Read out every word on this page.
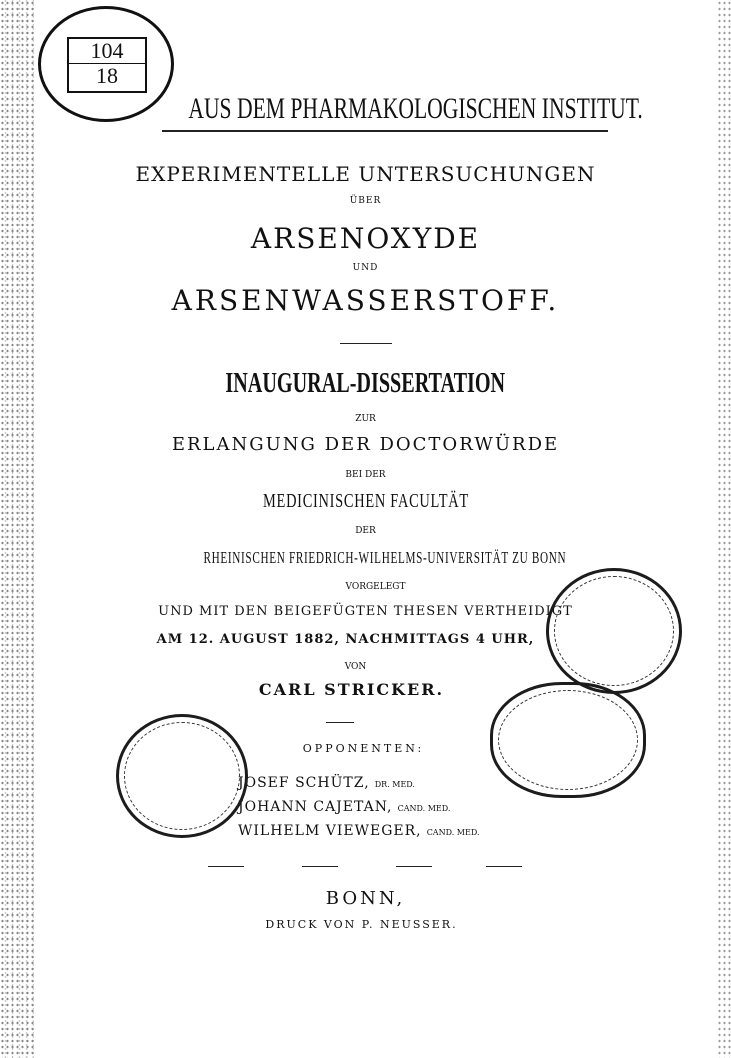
104
18
AUS DEM PHARMAKOLOGISCHEN INSTITUT.
EXPERIMENTELLE UNTERSUCHUNGEN
ÜBER
ARSENOXYDE
UND
ARSENWASSERSTOFF.
INAUGURAL-DISSERTATION
ZUR
ERLANGUNG DER DOCTORWÜRDE
BEI DER
MEDICINISCHEN FACULTÄT
DER
RHEINISCHEN FRIEDRICH-WILHELMS-UNIVERSITÄT ZU BONN
VORGELEGT
UND MIT DEN BEIGEFÜGTEN THESEN VERTHEIDIGT
AM 12. AUGUST 1882, NACHMITTAGS 4 UHR,
VON
CARL STRICKER.
OPPONENTEN:
JOSEF SCHÜTZ, DR. MED.
JOHANN CAJETAN, CAND. MED.
WILHELM VIEWEGER, CAND. MED.
BONN,
DRUCK VON P. NEUSSER.
